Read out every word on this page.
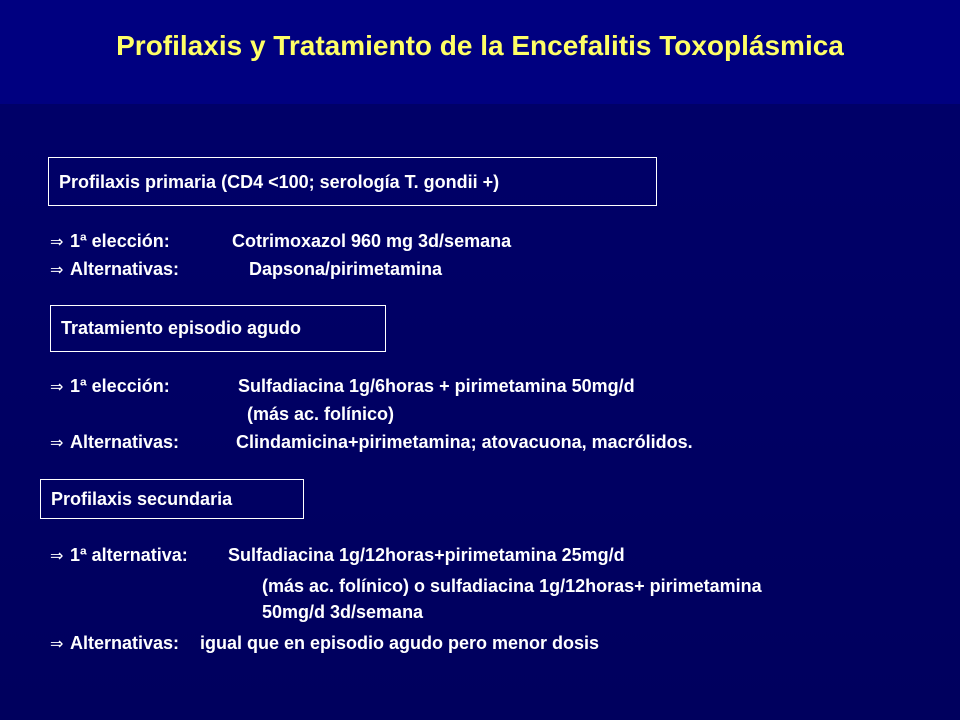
Profilaxis y Tratamiento de la Encefalitis Toxoplásmica
Profilaxis primaria (CD4 <100; serología T. gondii +)
⇒ 1ª elección:	Cotrimoxazol 960 mg 3d/semana
⇒ Alternativas:	Dapsona/pirimetamina
Tratamiento episodio agudo
⇒ 1ª elección:	Sulfadiacina 1g/6horas + pirimetamina 50mg/d
(más ac. folínico)
⇒ Alternativas:	Clindamicina+pirimetamina; atovacuona, macrólidos.
Profilaxis secundaria
⇒ 1ª alternativa: Sulfadiacina 1g/12horas+pirimetamina 25mg/d
(más ac. folínico) o sulfadiacina 1g/12horas+ pirimetamina
50mg/d 3d/semana
⇒ Alternativas: igual que en episodio agudo pero menor dosis
